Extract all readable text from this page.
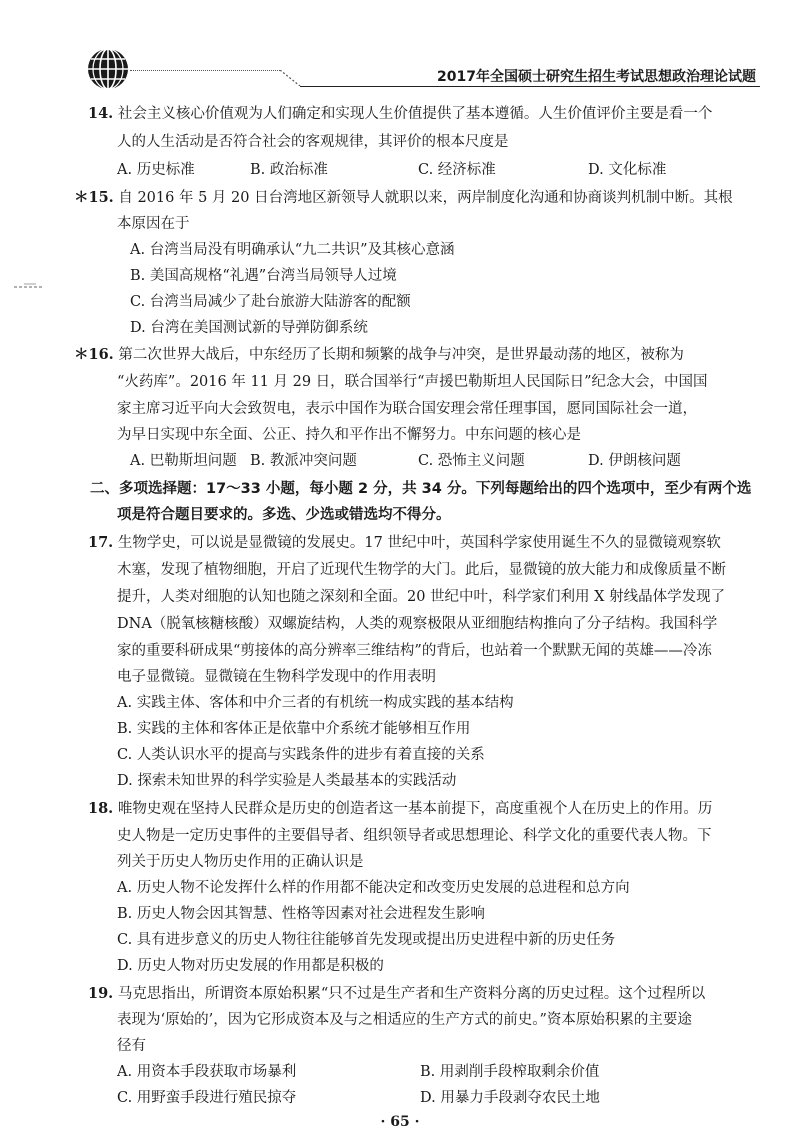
2017年全国硕士研究生招生考试思想政治理论试题
14. 社会主义核心价值观为人们确定和实现人生价值提供了基本遵循。人生价值评价主要是看一个
人的人生活动是否符合社会的客观规律，其评价的根本尺度是
A. 历史标准	B. 政治标准	C. 经济标准	D. 文化标准
＊15. 自 2016 年 5 月 20 日台湾地区新领导人就职以来，两岸制度化沟通和协商谈判机制中断。其根
本原因在于
A. 台湾当局没有明确承认“九二共识”及其核心意涵
B. 美国高规格“礼遇”台湾当局领导人过境
C. 台湾当局减少了赴台旅游大陆游客的配额
D. 台湾在美国测试新的导弹防御系统
＊16. 第二次世界大战后，中东经历了长期和频繁的战争与冲突，是世界最动荡的地区，被称为
“火药库”。2016 年 11 月 29 日，联合国举行“声援巴勒斯坦人民国际日”纪念大会，中国国
家主席习近平向大会致贺电，表示中国作为联合国安理会常任理事国，愿同国际社会一道，
为早日实现中东全面、公正、持久和平作出不懈努力。中东问题的核心是
A. 巴勒斯坦问题 B. 教派冲突问题	C. 恐怖主义问题	D. 伊朗核问题
二、多项选择题：17～33 小题，每小题 2 分，共 34 分。下列每题给出的四个选项中，至少有两个选
项是符合题目要求的。多选、少选或错选均不得分。
17. 生物学史，可以说是显微镜的发展史。17 世纪中叶，英国科学家使用诞生不久的显微镜观察软
木塞，发现了植物细胞，开启了近现代生物学的大门。此后，显微镜的放大能力和成像质量不断
提升，人类对细胞的认知也随之深刻和全面。20 世纪中叶，科学家们利用 X 射线晶体学发现了
DNA（脱氧核糖核酸）双螺旋结构，人类的观察极限从亚细胞结构推向了分子结构。我国科学
家的重要科研成果“剪接体的高分辨率三维结构”的背后，也站着一个默默无闻的英雄——冷冻
电子显微镜。显微镜在生物科学发现中的作用表明
A. 实践主体、客体和中介三者的有机统一构成实践的基本结构
B. 实践的主体和客体正是依靠中介系统才能够相互作用
C. 人类认识水平的提高与实践条件的进步有着直接的关系
D. 探索未知世界的科学实验是人类最基本的实践活动
18. 唯物史观在坚持人民群众是历史的创造者这一基本前提下，高度重视个人在历史上的作用。历
史人物是一定历史事件的主要倡导者、组织领导者或思想理论、科学文化的重要代表人物。下
列关于历史人物历史作用的正确认识是
A. 历史人物不论发挥什么样的作用都不能决定和改变历史发展的总进程和总方向
B. 历史人物会因其智慧、性格等因素对社会进程发生影响
C. 具有进步意义的历史人物往往能够首先发现或提出历史进程中新的历史任务
D. 历史人物对历史发展的作用都是积极的
19. 马克思指出，所谓资本原始积累“只不过是生产者和生产资料分离的历史过程。这个过程所以
表现为‘原始的’，因为它形成资本及与之相适应的生产方式的前史。”资本原始积累的主要途
径有
A. 用资本手段获取市场暴利	B. 用剥削手段榨取剩余价值
C. 用野蛮手段进行殖民掠夺	D. 用暴力手段剥夺农民土地
· 65 ·
